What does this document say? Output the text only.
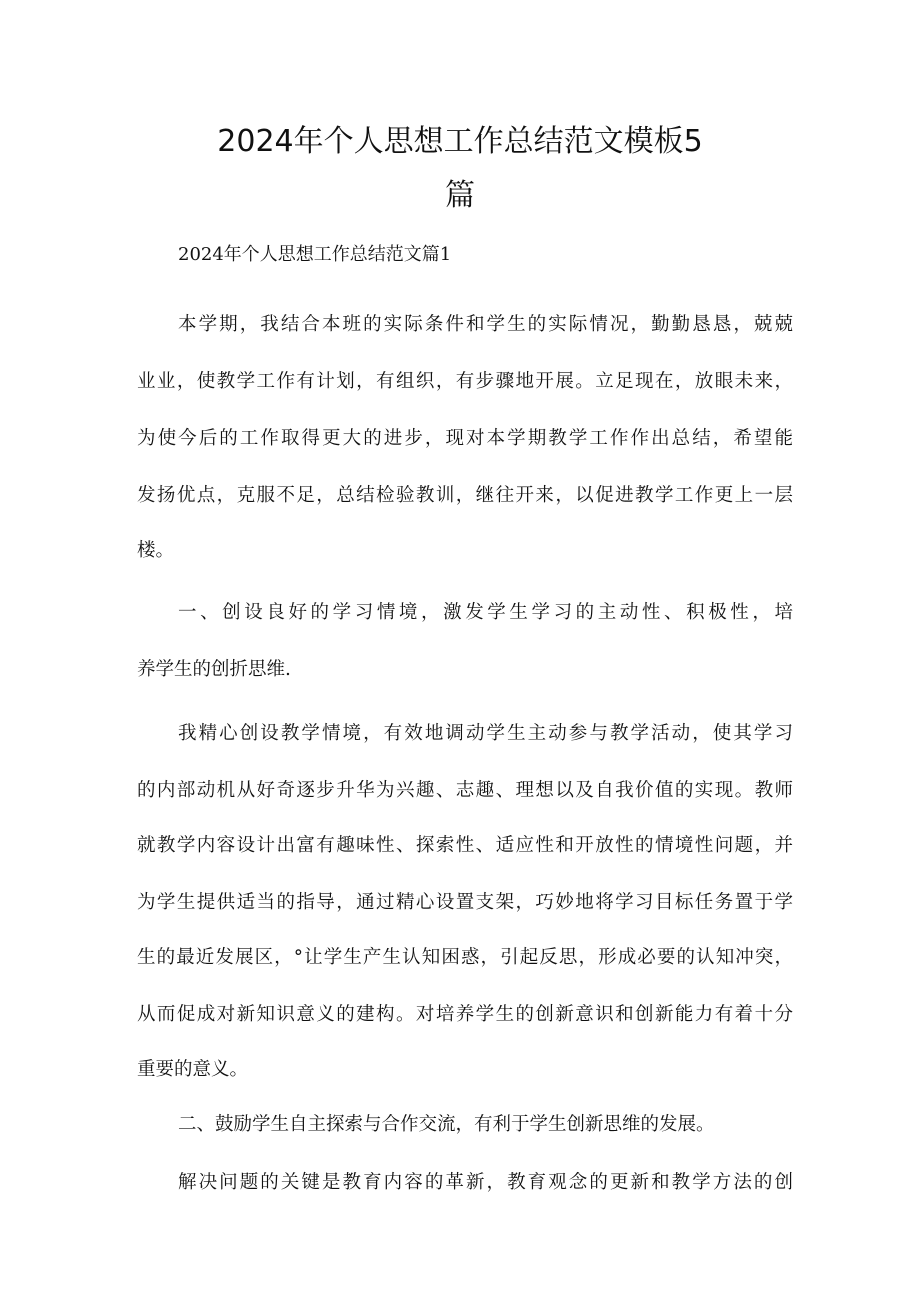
2024年个人思想工作总结范文模板5
篇
2024年个人思想工作总结范文篇1
本学期，我结合本班的实际条件和学生的实际情况，勤勤恳恳，兢兢
业业，使教学工作有计划，有组织，有步骤地开展。立足现在，放眼未来，
为使今后的工作取得更大的进步，现对本学期教学工作作出总结，希望能
发扬优点，克服不足，总结检验教训，继往开来，以促进教学工作更上一层
楼。
一、创设良好的学习情境，激发学生学习的主动性、积极性，培
养学生的创折思维.
我精心创设教学情境，有效地调动学生主动参与教学活动，使其学习
的内部动机从好奇逐步升华为兴趣、志趣、理想以及自我价值的实现。教师
就教学内容设计出富有趣味性、探索性、适应性和开放性的情境性问题，并
为学生提供适当的指导，通过精心设置支架，巧妙地将学习目标任务置于学
生的最近发展区，°让学生产生认知困惑，引起反思，形成必要的认知冲突，
从而促成对新知识意义的建构。对培养学生的创新意识和创新能力有着十分
重要的意义。
二、鼓励学生自主探索与合作交流，有利于学生创新思维的发展。
解决问题的关键是教育内容的革新，教育观念的更新和教学方法的创
